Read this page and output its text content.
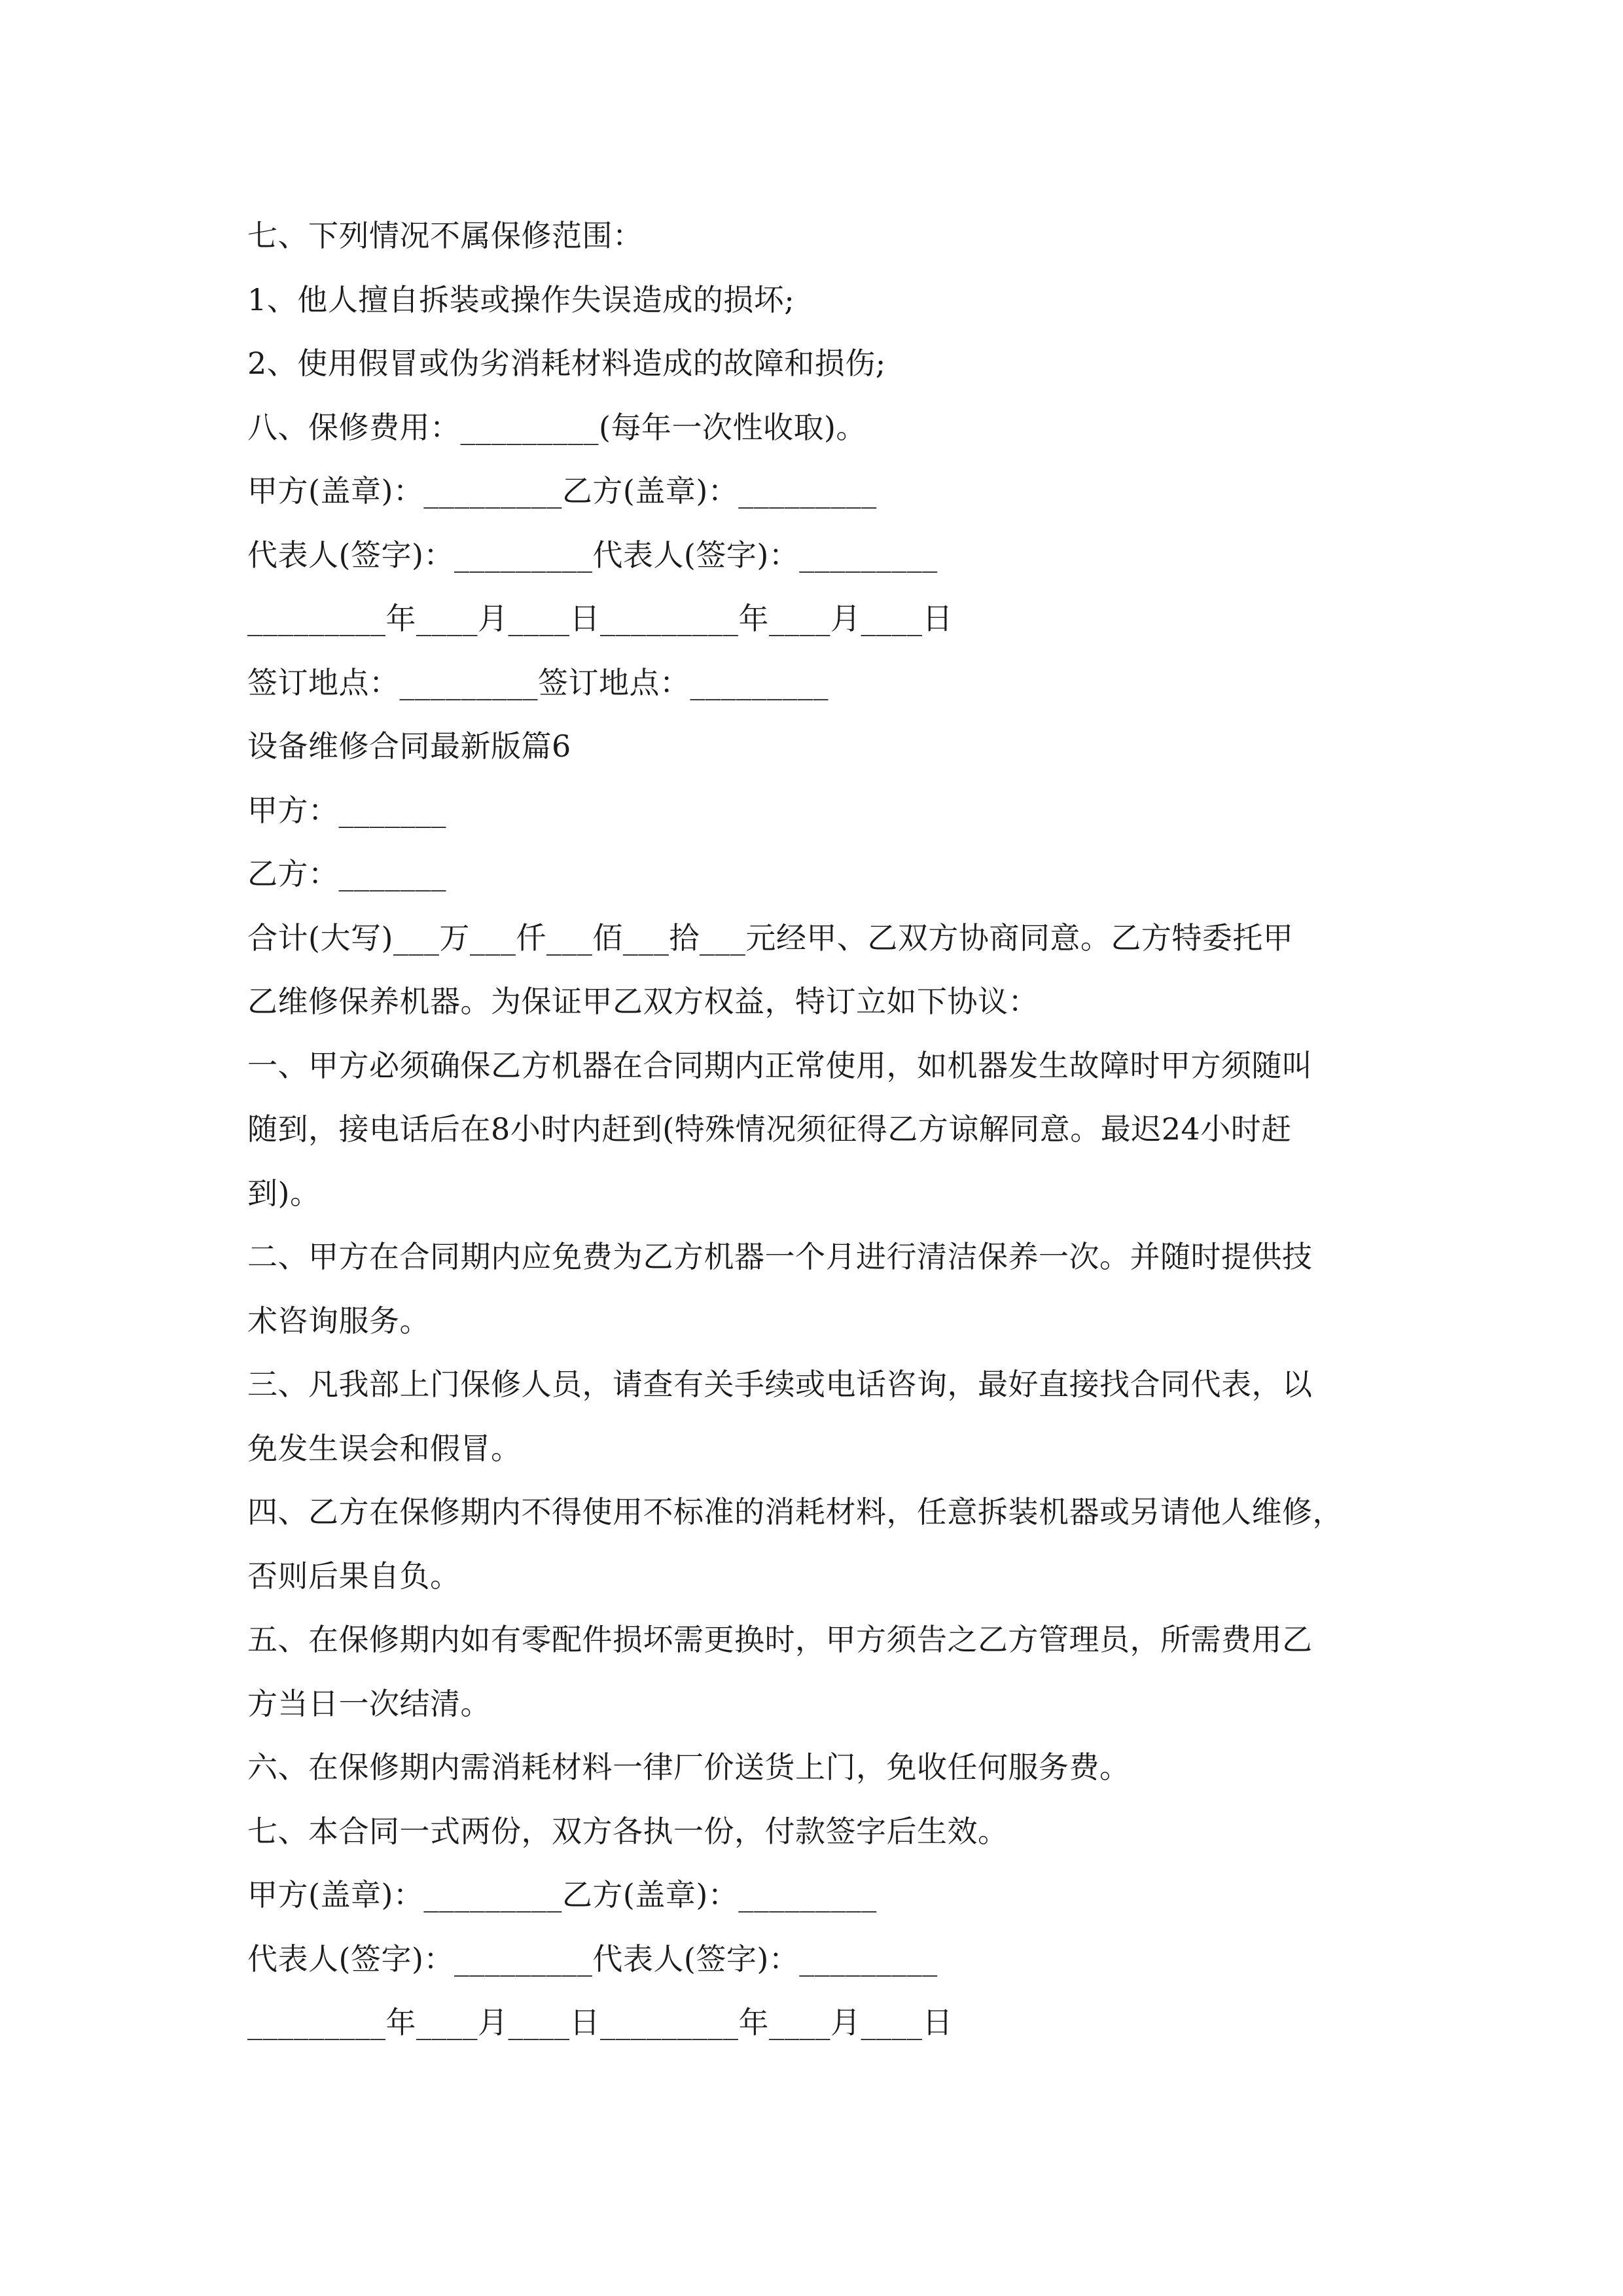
七、下列情况不属保修范围：
1、他人擅自拆装或操作失误造成的损坏;
2、使用假冒或伪劣消耗材料造成的故障和损伤;
八、保修费用：_________(每年一次性收取)。
甲方(盖章)：_________乙方(盖章)：_________
代表人(签字)：_________代表人(签字)：_________
_________年____月____日_________年____月____日
签订地点：_________签订地点：_________
设备维修合同最新版篇6
甲方：_______
乙方：_______
合计(大写)___万___仟___佰___拾___元经甲、乙双方协商同意。乙方特委托甲
乙维修保养机器。为保证甲乙双方权益，特订立如下协议：
一、甲方必须确保乙方机器在合同期内正常使用，如机器发生故障时甲方须随叫
随到，接电话后在8小时内赶到(特殊情况须征得乙方谅解同意。最迟24小时赶
到)。
二、甲方在合同期内应免费为乙方机器一个月进行清洁保养一次。并随时提供技
术咨询服务。
三、凡我部上门保修人员，请查有关手续或电话咨询，最好直接找合同代表，以
免发生误会和假冒。
四、乙方在保修期内不得使用不标准的消耗材料，任意拆装机器或另请他人维修，
否则后果自负。
五、在保修期内如有零配件损坏需更换时，甲方须告之乙方管理员，所需费用乙
方当日一次结清。
六、在保修期内需消耗材料一律厂价送货上门，免收任何服务费。
七、本合同一式两份，双方各执一份，付款签字后生效。
甲方(盖章)：_________乙方(盖章)：_________
代表人(签字)：_________代表人(签字)：_________
_________年____月____日_________年____月____日
